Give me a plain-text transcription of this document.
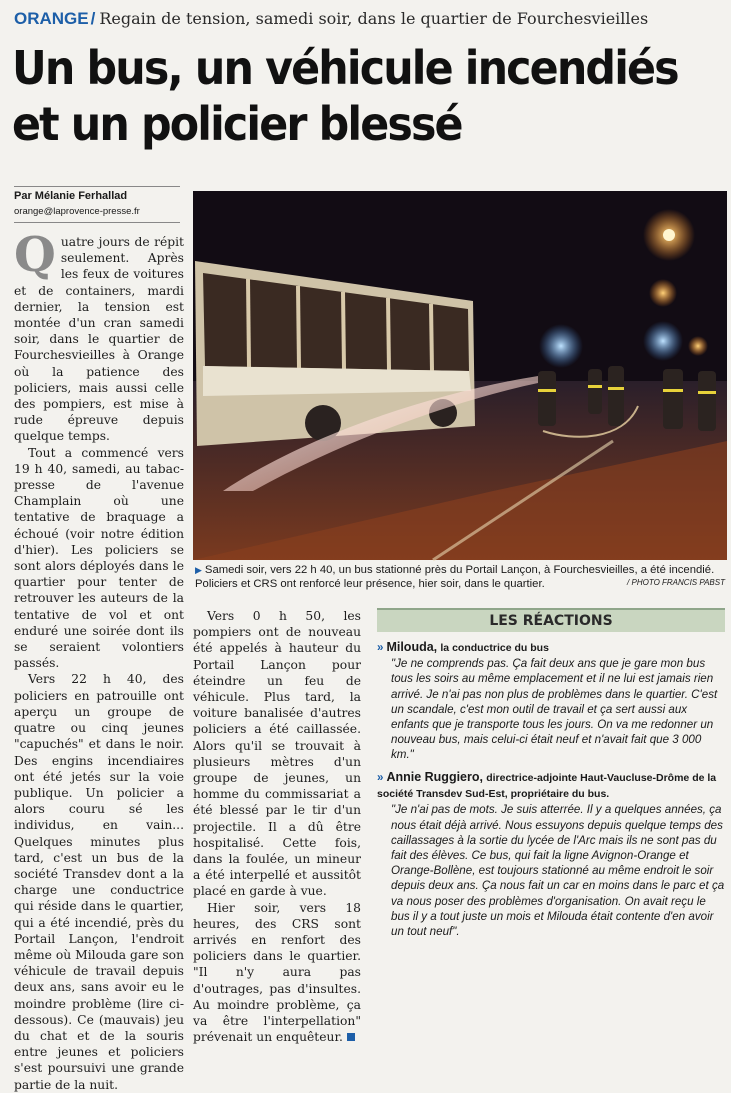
ORANGE / Regain de tension, samedi soir, dans le quartier de Fourchesvieilles
Un bus, un véhicule incendiés
et un policier blessé
Par Mélanie Ferhallad
orange@laprovence-presse.fr

Quatre jours de répit seulement. Après les feux de voitures et de containers, mardi dernier, la tension est montée d'un cran samedi soir, dans le quartier de Fourchesvieilles à Orange où la patience des policiers, mais aussi celle des pompiers, est mise à rude épreuve depuis quelque temps.

Tout a commencé vers 19 h 40, samedi, au tabac-presse de l'avenue Champlain où une tentative de braquage a échoué (voir notre édition d'hier). Les policiers se sont alors déployés dans le quartier pour tenter de retrouver les auteurs de la tentative de vol et ont enduré une soirée dont ils se seraient volontiers passés.

Vers 22 h 40, des policiers en patrouille ont aperçu un groupe de quatre ou cinq jeunes "capuchés" et dans le noir. Des engins incendiaires ont été jetés sur la voie publique. Un policier a alors couru sé les individus, en vain... Quelques minutes plus tard, c'est un bus de la société Transdev dont a la charge une conductrice qui réside dans le quartier, qui a été incendié, près du Portail Lançon, l'endroit même où Milouda gare son véhicule de travail depuis deux ans, sans avoir eu le moindre problème (lire ci-dessous). Ce (mauvais) jeu du chat et de la souris entre jeunes et policiers s'est poursuivi une grande partie de la nuit.

Vers 0 h 50, les pompiers ont de nouveau été appelés à hauteur du Portail Lançon pour éteindre un feu de véhicule. Plus tard, la voiture banalisée d'autres policiers a été caillassée. Alors qu'il se trouvait à plusieurs mètres d'un groupe de jeunes, un homme du commissariat a été blessé par le tir d'un projectile. Il a dû être hospitalisé. Cette fois, dans la foulée, un mineur a été interpellé et aussitôt placé en garde à vue.

Hier soir, vers 18 heures, des CRS sont arrivés en renfort des policiers dans le quartier. "Il n'y aura pas d'outrages, pas d'insultes. Au moindre problème, ça va être l'interpellation" prévenait un enquêteur.

▶ Samedi soir, vers 22 h 40, un bus stationné près du Portail Lançon, à Fourchesvieilles, a été incendié. Policiers et CRS ont renforcé leur présence, hier soir, dans le quartier.	/ PHOTO FRANCIS PABST
LES RÉACTIONS
» Milouda, la conductrice du bus
"Je ne comprends pas. Ça fait deux ans que je gare mon bus tous les soirs au même emplacement et il ne lui est jamais rien arrivé. Je n'ai pas non plus de problèmes dans le quartier. C'est un scandale, c'est mon outil de travail et ça sert aussi aux enfants que je transporte tous les jours. On va me redonner un nouveau bus, mais celui-ci était neuf et n'avait fait que 3 000 km."
» Annie Ruggiero, directrice-adjointe Haut-Vaucluse-Drôme de la société Transdev Sud-Est, propriétaire du bus.
"Je n'ai pas de mots. Je suis atterrée. Il y a quelques années, ça nous était déjà arrivé. Nous essuyons depuis quelque temps des caillassages à la sortie du lycée de l'Arc mais ils ne sont pas du fait des élèves. Ce bus, qui fait la ligne Avignon-Orange et Orange-Bollène, est toujours stationné au même endroit le soir depuis deux ans. Ça nous fait un car en moins dans le parc et ça va nous poser des problèmes d'organisation. On avait reçu le bus il y a tout juste un mois et Milouda était contente d'en avoir un tout neuf".
